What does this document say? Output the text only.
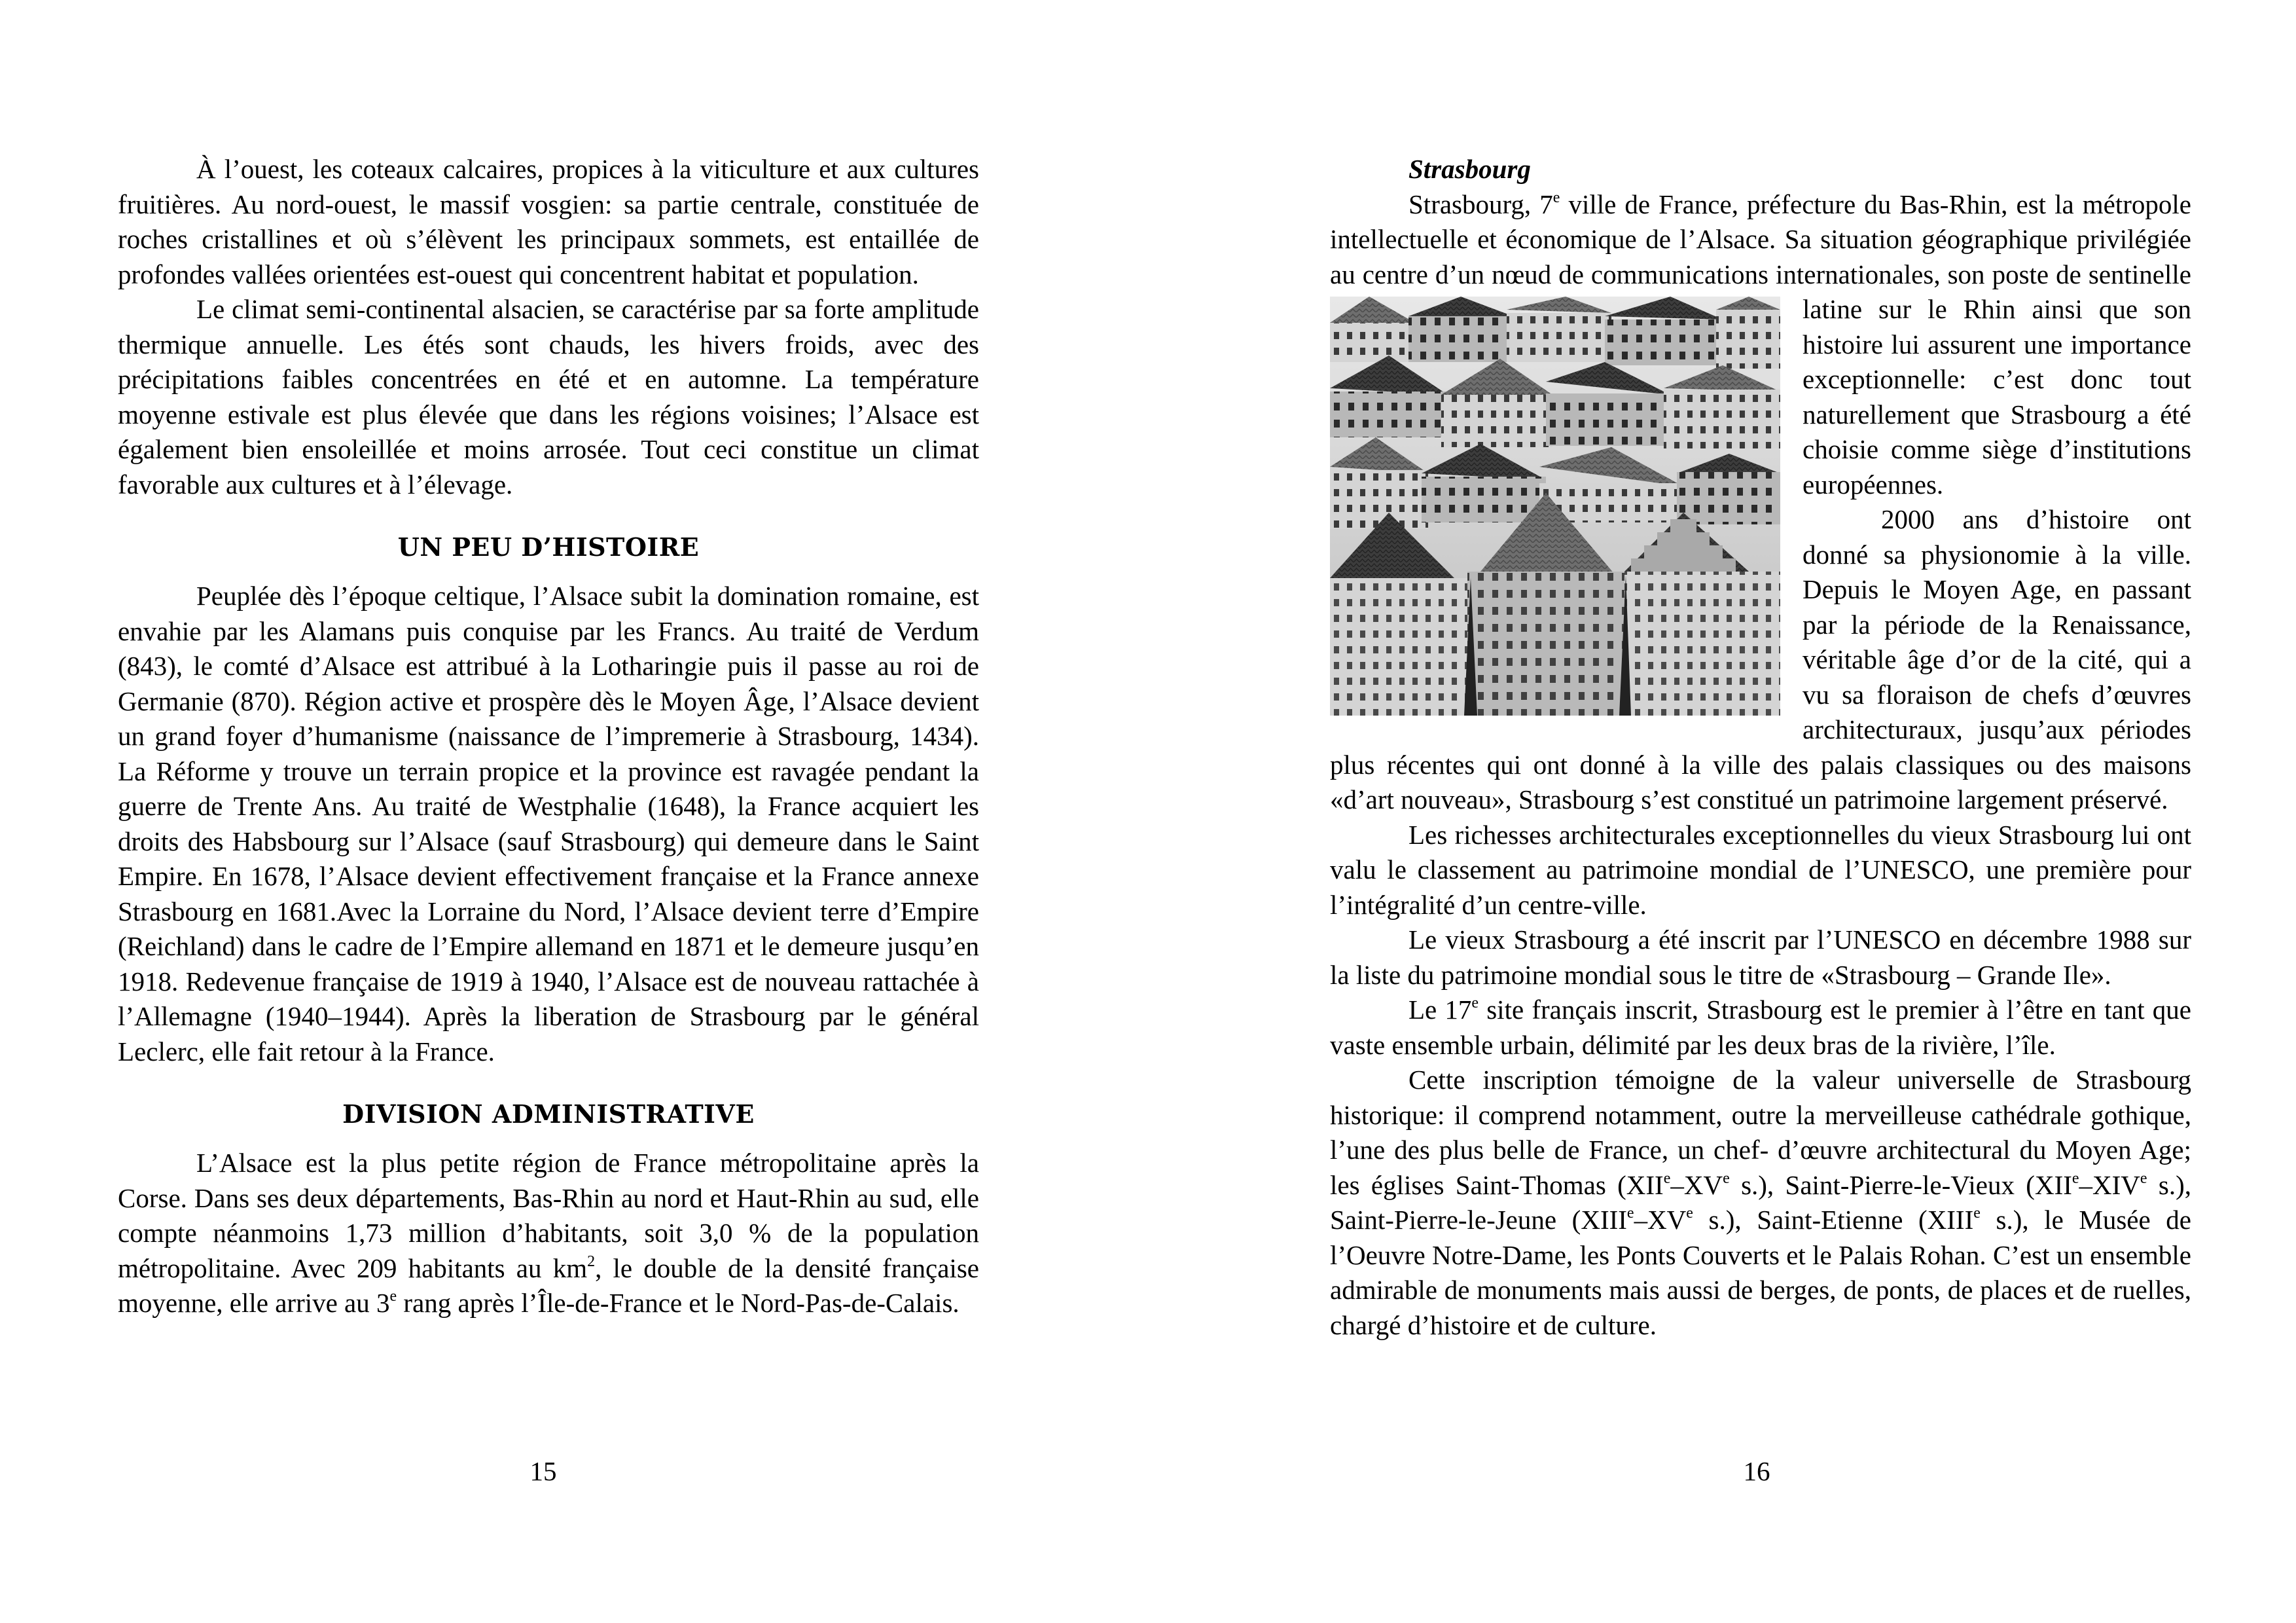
À l’ouest, les coteaux calcaires, propices à la viticulture et aux cultures fruitières. Au nord-ouest, le massif vosgien: sa partie centrale, constituée de roches cristallines et où s’élèvent les principaux sommets, est entaillée de profondes vallées orientées est-ouest qui concentrent habitat et population.

Le climat semi-continental alsacien, se caractérise par sa forte amplitude thermique annuelle. Les étés sont chauds, les hivers froids, avec des précipitations faibles concentrées en été et en automne. La température moyenne estivale est plus élevée que dans les régions voisines; l’Alsace est également bien ensoleillée et moins arrosée. Tout ceci constitue un climat favorable aux cultures et à l’élevage.

UN PEU D’HISTOIRE

Peuplée dès l’époque celtique, l’Alsace subit la domination romaine, est envahie par les Alamans puis conquise par les Francs. Au traité de Verdum (843), le comté d’Alsace est attribué à la Lotharingie puis il passe au roi de Germanie (870). Région active et prospère dès le Moyen Âge, l’Alsace devient un grand foyer d’humanisme (naissance de l’impremerie à Strasbourg, 1434). La Réforme y trouve un terrain propice et la province est ravagée pendant la guerre de Trente Ans. Au traité de Westphalie (1648), la France acquiert les droits des Habsbourg sur l’Alsace (sauf Strasbourg) qui demeure dans le Saint Empire. En 1678, l’Alsace devient effectivement française et la France annexe Strasbourg en 1681.Avec la Lorraine du Nord, l’Alsace devient terre d’Empire (Reichland) dans le cadre de l’Empire allemand en 1871 et le demeure jusqu’en 1918. Redevenue française de 1919 à 1940, l’Alsace est de nouveau rattachée à l’Allemagne (1940–1944). Après la liberation de Strasbourg par le général Leclerc, elle fait retour à la France.

DIVISION ADMINISTRATIVE

L’Alsace est la plus petite région de France métropolitaine après la Corse. Dans ses deux départements, Bas-Rhin au nord et Haut-Rhin au sud, elle compte néanmoins 1,73 million d’habitants, soit 3,0 % de la population métropolitaine. Avec 209 habitants au $km^2$, le double de la densité française moyenne, elle arrive au 3e rang après l’Île-de-France et le Nord-Pas-de-Calais.

15
Strasbourg

Strasbourg, 7e ville de France, préfecture du Bas-Rhin, est la métropole intellectuelle et économique de l’Alsace. Sa situation géographique privilégiée au centre d’un nœud de communications
internationales, son poste de sentinelle latine sur le Rhin ainsi que son histoire lui assurent une importance exceptionnelle: c’est donc tout naturellement que Strasbourg a été choisie comme siège d’institutions européennes.

2000 ans d’histoire ont donné sa physionomie à la ville. Depuis le Moyen Age, en passant par la période de la Renaissance, véritable âge d’or de la cité, qui a vu sa floraison de chefs d’œuvres architecturaux, jusqu’aux périodes plus récentes qui ont donné à la ville des palais classiques ou des maisons «d’art nouveau», Strasbourg s’est constitué un patrimoine largement préservé.

Les richesses architecturales exceptionnelles du vieux Strasbourg lui ont valu le classement au patrimoine mondial de l’UNESCO, une première pour l’intégralité d’un centre-ville.

Le vieux Strasbourg a été inscrit par l’UNESCO en décembre 1988 sur la liste du patrimoine mondial sous le titre de «Strasbourg – Grande Ile».

Le 17e site français inscrit, Strasbourg est le premier à l’être en tant que vaste ensemble urbain, délimité par les deux bras de la rivière, l’île.

Cette inscription témoigne de la valeur universelle de Strasbourg historique: il comprend notamment, outre la merveilleuse cathédrale gothique, l’une des plus belle de France, un chef- d’œuvre architectural du Moyen Age; les églises Saint-Thomas (XIIe–XVe s.), Saint-Pierre-le-Vieux (XIIe–XIVe s.), Saint-Pierre-le-Jeune (XIIIe–XVe s.), Saint-Etienne (XIIIe s.), le Musée de l’Oeuvre Notre-Dame, les Ponts Couverts et le Palais Rohan. C’est un ensemble admirable de monuments mais aussi de berges, de ponts, de places et de ruelles, chargé d’histoire et de culture.

16
